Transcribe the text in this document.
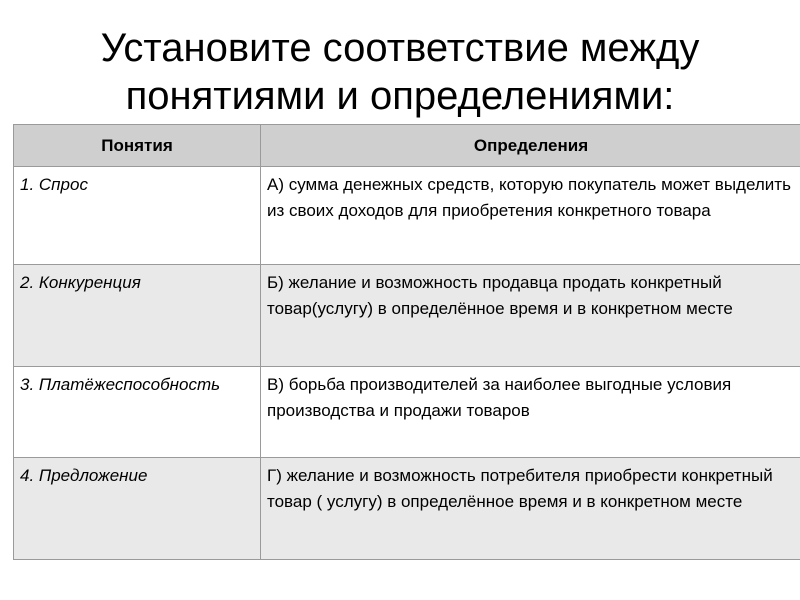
Установите соответствие между
понятиями и определениями:
Понятия	Определения
1. Спрос	А) сумма денежных средств, которую покупатель может выделить из своих доходов для приобретения конкретного товара
2. Конкуренция	Б) желание и возможность продавца продать конкретный товар(услугу) в определённое время и в конкретном месте
3. Платёжеспособность	В) борьба производителей за наиболее выгодные условия производства и продажи товаров
4. Предложение	Г) желание и возможность потребителя приобрести конкретный товар ( услугу) в определённое время и в конкретном месте
